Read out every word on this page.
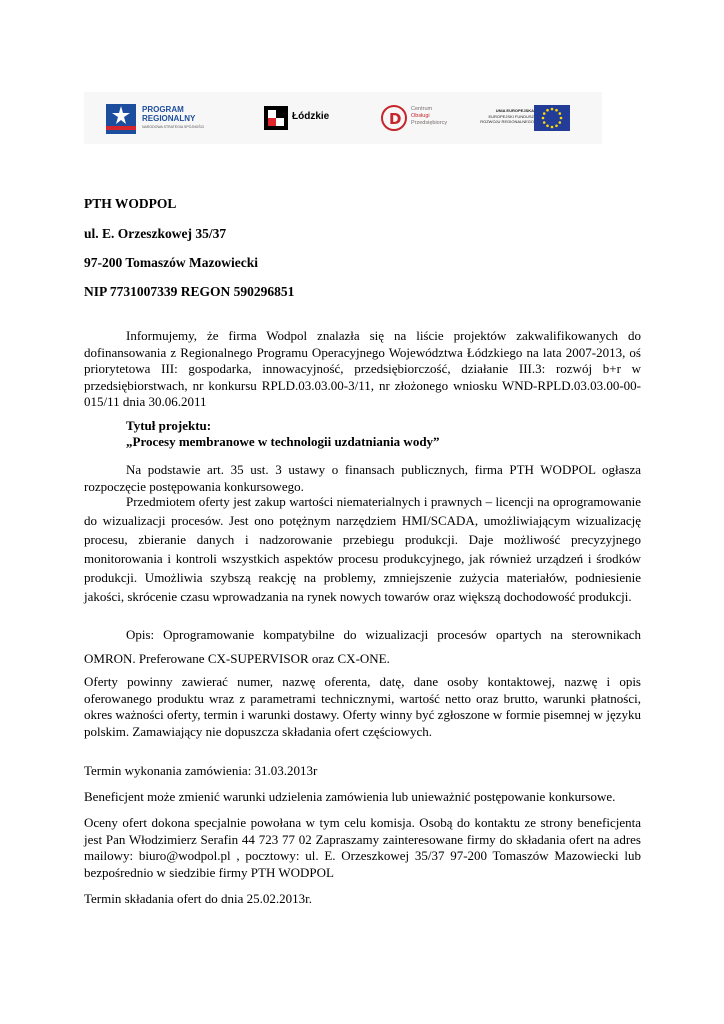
PROGRAM
REGIONALNY
NARODOWA STRATEGIA SPÓJNOŚCI
Łódzkie	D
Centrum
Obsługi
Przedsiębiorcy
UNIA EUROPEJSKA
EUROPEJSKI FUNDUSZ
ROZWOJU REGIONALNEGO
PTH WODPOL
ul. E. Orzeszkowej 35/37
97-200 Tomaszów Mazowiecki
NIP 7731007339 REGON 590296851
Informujemy, że firma Wodpol znalazła się na liście projektów zakwalifikowanych do dofinansowania z Regionalnego Programu Operacyjnego Województwa Łódzkiego na lata 2007-2013, oś priorytetowa III: gospodarka, innowacyjność, przedsiębiorczość, działanie III.3: rozwój b+r w przedsiębiorstwach, nr konkursu RPLD.03.03.00-3/11, nr złożonego wniosku WND-RPLD.03.03.00-00-015/11 dnia 30.06.2011
Tytuł projektu:
„Procesy membranowe w technologii uzdatniania wody”
Na podstawie art. 35 ust. 3 ustawy o finansach publicznych, firma PTH WODPOL ogłasza rozpoczęcie postępowania konkursowego.
Przedmiotem oferty jest zakup wartości niematerialnych i prawnych – licencji na oprogramowanie do wizualizacji procesów. Jest ono potężnym narzędziem HMI/SCADA, umożliwiającym wizualizację procesu, zbieranie danych i nadzorowanie przebiegu produkcji. Daje możliwość precyzyjnego monitorowania i kontroli wszystkich aspektów procesu produkcyjnego, jak również urządzeń i środków produkcji. Umożliwia szybszą reakcję na problemy, zmniejszenie zużycia materiałów, podniesienie jakości, skrócenie czasu wprowadzania na rynek nowych towarów oraz większą dochodowość produkcji.
Opis: Oprogramowanie kompatybilne do wizualizacji procesów opartych na sterownikach OMRON. Preferowane CX-SUPERVISOR oraz CX-ONE.
Oferty powinny zawierać numer, nazwę oferenta, datę, dane osoby kontaktowej, nazwę i opis oferowanego produktu wraz z parametrami technicznymi, wartość netto oraz brutto, warunki płatności, okres ważności oferty, termin i warunki dostawy. Oferty winny być zgłoszone w formie pisemnej w języku polskim. Zamawiający nie dopuszcza składania ofert częściowych.
Termin wykonania zamówienia: 31.03.2013r
Beneficjent może zmienić warunki udzielenia zamówienia lub unieważnić postępowanie konkursowe.
Oceny ofert dokona specjalnie powołana w tym celu komisja. Osobą do kontaktu ze strony beneficjenta jest Pan Włodzimierz Serafin 44 723 77 02 Zapraszamy zainteresowane firmy do składania ofert na adres mailowy: biuro@wodpol.pl , pocztowy: ul. E. Orzeszkowej 35/37 97-200 Tomaszów Mazowiecki lub bezpośrednio w siedzibie firmy PTH WODPOL
Termin składania ofert do dnia 25.02.2013r.
